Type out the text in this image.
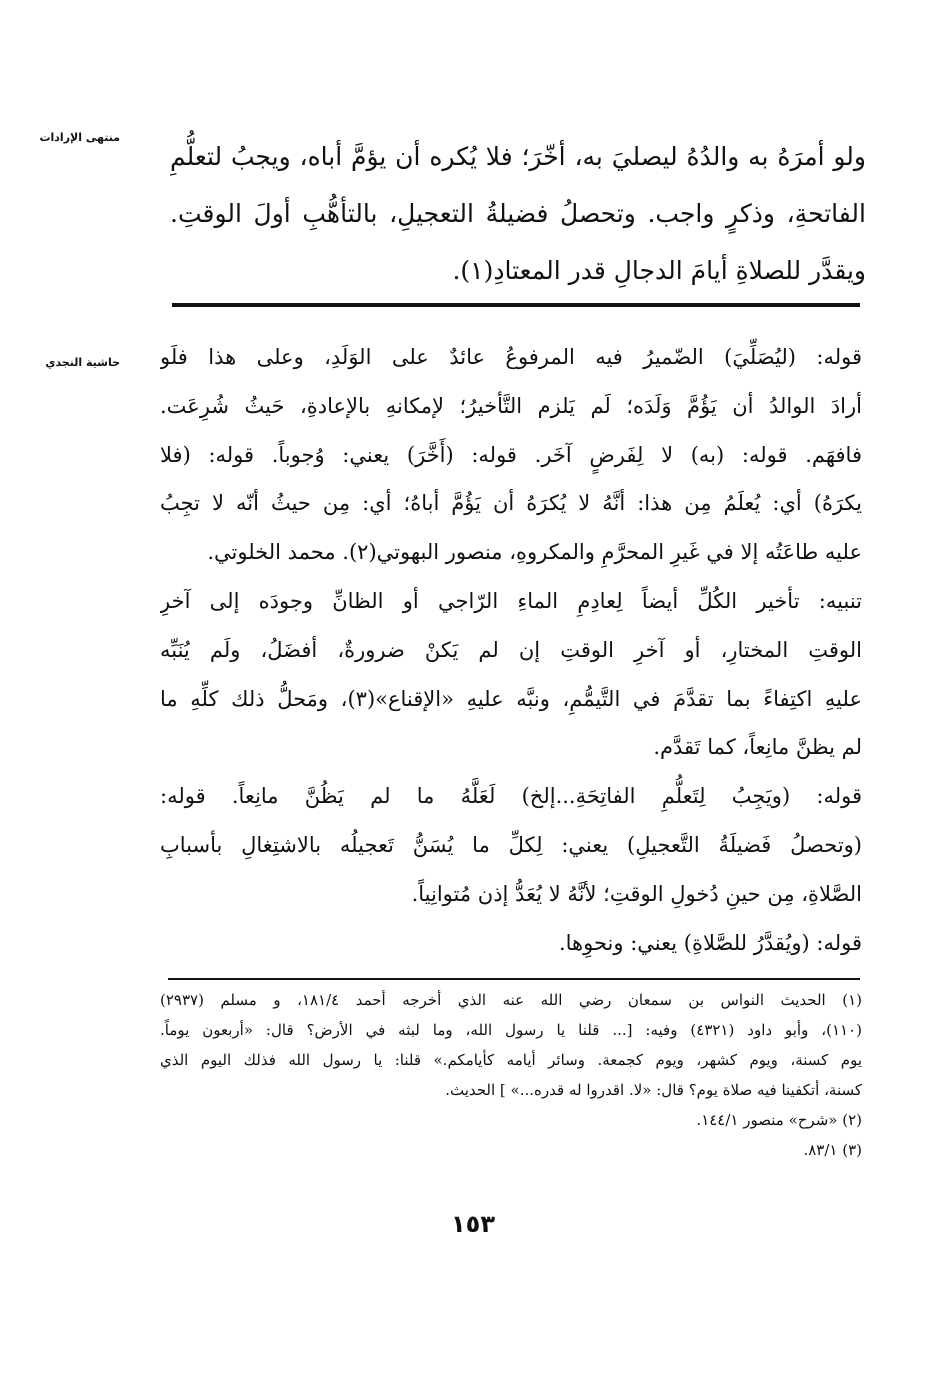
منتهى الإرادات
ولو أمرَهُ به والدُهُ ليصليَ به، أخّرَ؛ فلا يُكره أن يؤمَّ أباه، ويجبُ لتعلُّمِ
الفاتحةِ، وذكرٍ واجب. وتحصلُ فضيلةُ التعجيلِ، بالتأهُّبِ أولَ الوقتِ.
ويقدَّر للصلاةِ أيامَ الدجالِ قدر المعتادِ(١).
حاشية النجدي قوله: (ليُصَلِّيَ) الضّميرُ فيه المرفوعُ عائدٌ على الوَلَدِ، وعلى هذا فلَو
أرادَ الوالدُ أن يَؤُمَّ وَلَدَه؛ لَم يَلزم التَّأخيرُ؛ لإمكانهِ بالإعادةِ، حَيثُ شُرِعَت.
فافهَم. قوله: (به) لا لِفَرضٍ آخَر. قوله: (أَخَّرَ) يعني: وُجوباً. قوله: (فلا
يكرَهُ) أي: يُعلَمُ مِن هذا: أنَّهُ لا يُكرَهُ أن يَؤُمَّ أباهُ؛ أي: مِن حيثُ أنّه لا تجِبُ
عليه طاعَتُه إلا في غَيرِ المحرَّمِ والمكروهِ، منصور البهوتي(٢). محمد الخلوتي.
تنبيه: تأخير الكُلِّ أيضاً لِعادِمِ الماءِ الرّاجي أو الظانِّ وجودَه إلى آخرِ
الوقتِ المختارِ، أو آخرِ الوقتِ إن لم يَكنْ ضرورةٌ، أفضَلُ، ولَم يُنَبِّه
عليهِ اكتِفاءً بما تقدَّمَ في التَّيمُّمِ، ونبَّه عليهِ «الإقناع»(٣)، ومَحلُّ ذلك كلِّهِ ما
لم يظنَّ مانِعاً، كما تَقدَّم.
قوله: (ويَجِبُ لِتَعلُّمِ الفاتِحَةِ...إلخ) لَعَلَّهُ ما لم يَظُنَّ مانِعاً. قوله:
(وتحصلُ فَضيلَةُ التَّعجيلِ) يعني: لِكلِّ ما يُسَنُّ تَعجيلُه بالاشتِغالِ بأسبابِ
الصَّلاةِ، مِن حينِ دُخولِ الوقتِ؛ لأنَّهُ لا يُعَدُّ إذن مُتوانِياً.
قوله: (ويُقدَّرُ للصَّلاةِ) يعني: ونحوِها.
(١) الحديث النواس بن سمعان رضي الله عنه الذي أخرجه أحمد ١٨١/٤، و مسلم (٢٩٣٧)
(١١٠)، وأبو داود (٤٣٢١) وفيه: [... قلنا يا رسول الله، وما لبثه في الأرض؟ قال: «أربعون يوماً.
يوم كسنة، ويوم كشهر، ويوم كجمعة. وسائر أيامه كأيامكم.» قلنا: يا رسول الله فذلك اليوم الذي
كسنة، أتكفينا فيه صلاة يوم؟ قال: «لا. اقدروا له قدره...» ] الحديث.
(٢) «شرح» منصور ١٤٤/١.
(٣) ٨٣/١.
١٥٣
